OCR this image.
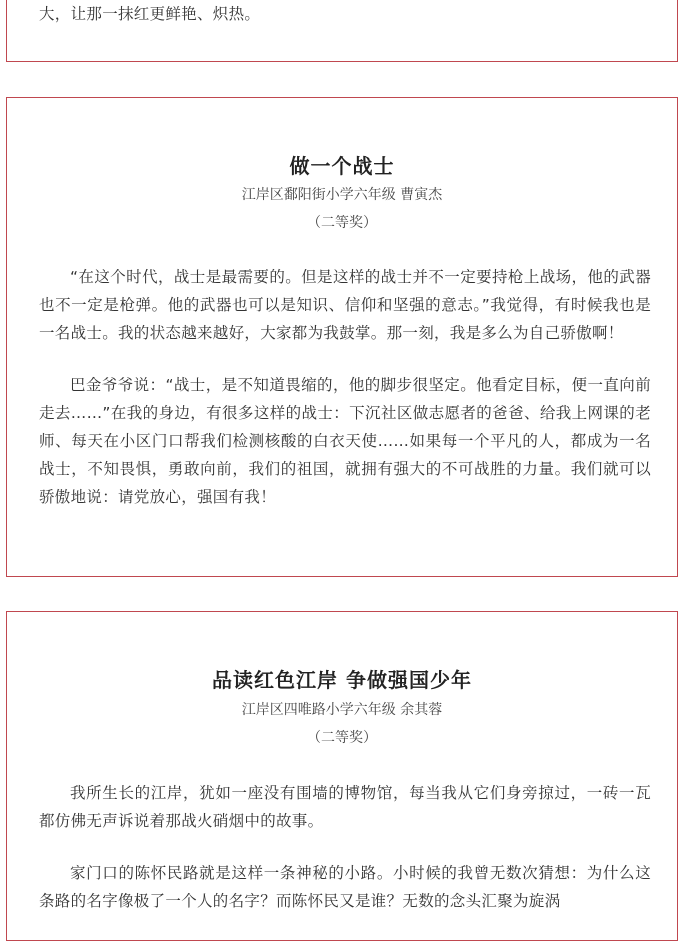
大，让那一抹红更鲜艳、炽热。

做一个战士
江岸区鄱阳街小学六年级 曹寅杰
（二等奖）

“在这个时代，战士是最需要的。但是这样的战士并不一定要持枪上战场，他的武器也不一定是枪弹。他的武器也可以是知识、信仰和坚强的意志。”我觉得，有时候我也是一名战士。我的状态越来越好，大家都为我鼓掌。那一刻，我是多么为自己骄傲啊！

巴金爷爷说：“战士，是不知道畏缩的，他的脚步很坚定。他看定目标，便一直向前走去……”在我的身边，有很多这样的战士：下沉社区做志愿者的爸爸、给我上网课的老师、每天在小区门口帮我们检测核酸的白衣天使……如果每一个平凡的人，都成为一名战士，不知畏惧，勇敢向前，我们的祖国，就拥有强大的不可战胜的力量。我们就可以骄傲地说：请党放心，强国有我！

品读红色江岸 争做强国少年
江岸区四唯路小学六年级 余其蓉
（二等奖）

我所生长的江岸，犹如一座没有围墙的博物馆，每当我从它们身旁掠过，一砖一瓦都仿佛无声诉说着那战火硝烟中的故事。

家门口的陈怀民路就是这样一条神秘的小路。小时候的我曾无数次猜想：为什么这条路的名字像极了一个人的名字？而陈怀民又是谁？无数的念头汇聚为旋涡
